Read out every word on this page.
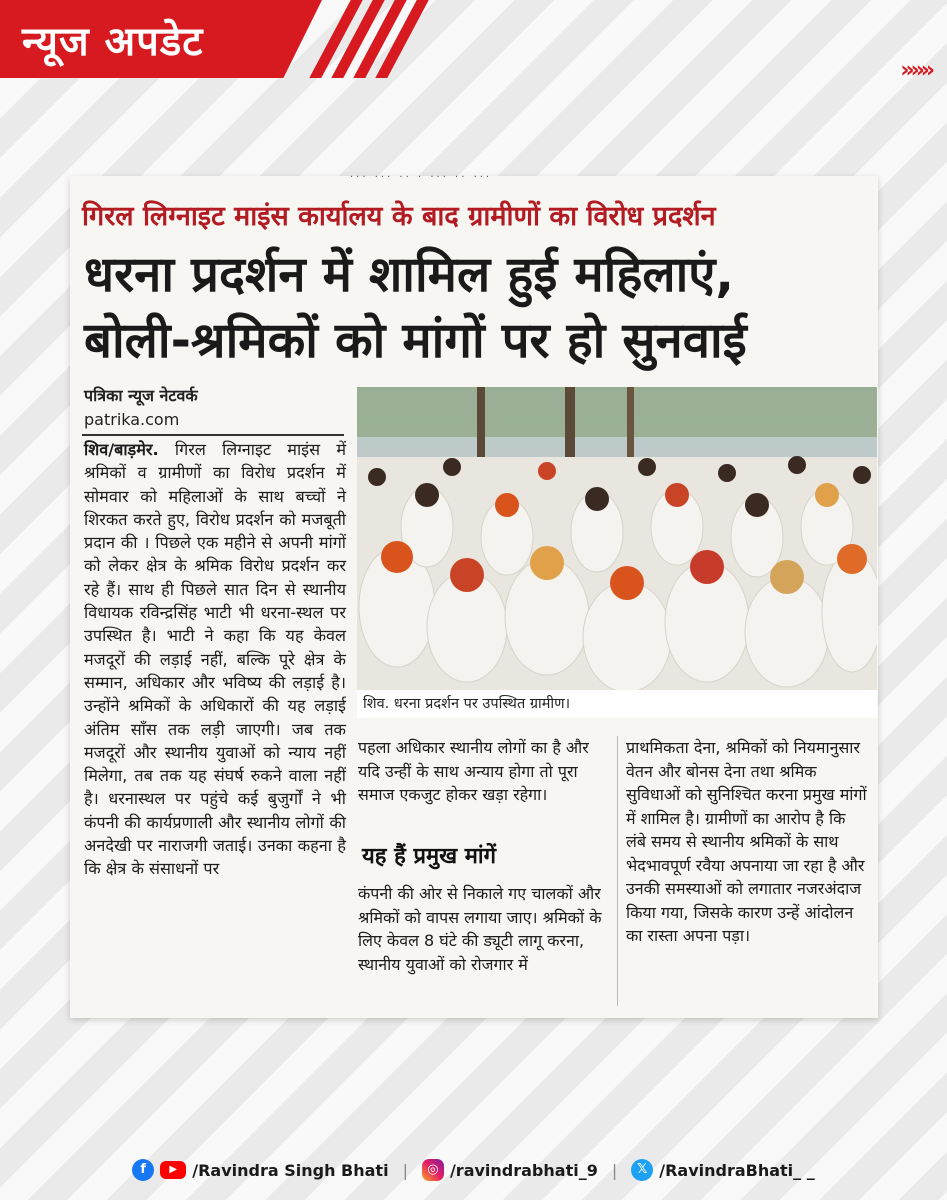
न्यूज अपडेट
»»»
··· ··· ·· · ··· ·· ···
गिरल लिग्नाइट माइंस कार्यालय के बाद ग्रामीणों का विरोध प्रदर्शन
धरना प्रदर्शन में शामिल हुई महिलाएं,
बोली-श्रमिकों को मांगों पर हो सुनवाई
पत्रिका न्यूज नेटवर्क
patrika.com
शिव/बाड़मेर. गिरल लिग्नाइट माइंस में श्रमिकों व ग्रामीणों का विरोध प्रदर्शन में सोमवार को महिलाओं के साथ बच्चों ने शिरकत करते हुए, विरोध प्रदर्शन को मजबूती प्रदान की । पिछले एक महीने से अपनी मांगों को लेकर क्षेत्र के श्रमिक विरोध प्रदर्शन कर रहे हैं। साथ ही पिछले सात दिन से स्थानीय विधायक रविन्द्रसिंह भाटी भी धरना-स्थल पर उपस्थित है। भाटी ने कहा कि यह केवल मजदूरों की लड़ाई नहीं, बल्कि पूरे क्षेत्र के सम्मान, अधिकार और भविष्य की लड़ाई है। उन्होंने श्रमिकों के अधिकारों की यह लड़ाई अंतिम साँस तक लड़ी जाएगी। जब तक मजदूरों और स्थानीय युवाओं को न्याय नहीं मिलेगा, तब तक यह संघर्ष रुकने वाला नहीं है। धरनास्थल पर पहुंचे कई बुजुर्गों ने भी कंपनी की कार्यप्रणाली और स्थानीय लोगों की अनदेखी पर नाराजगी जताई। उनका कहना है कि क्षेत्र के संसाधनों पर
शिव. धरना प्रदर्शन पर उपस्थित ग्रामीण।
पहला अधिकार स्थानीय लोगों का है और यदि उन्हीं के साथ अन्याय होगा तो पूरा समाज एकजुट होकर खड़ा रहेगा।
यह हैं प्रमुख मांगें
कंपनी की ओर से निकाले गए चालकों और श्रमिकों को वापस लगाया जाए। श्रमिकों के लिए केवल 8 घंटे की ड्यूटी लागू करना, स्थानीय युवाओं को रोजगार में
प्राथमिकता देना, श्रमिकों को नियमानुसार वेतन और बोनस देना तथा श्रमिक सुविधाओं को सुनिश्चित करना प्रमुख मांगों में शामिल है। ग्रामीणों का आरोप है कि लंबे समय से स्थानीय श्रमिकों के साथ भेदभावपूर्ण रवैया अपनाया जा रहा है और उनकी समस्याओं को लगातार नजरअंदाज किया गया, जिसके कारण उन्हें आंदोलन का रास्ता अपना पड़ा।
f	▶ /Ravindra Singh Bhati |	◎ /ravindrabhati_9 |	𝕏 /RavindraBhati_ _
